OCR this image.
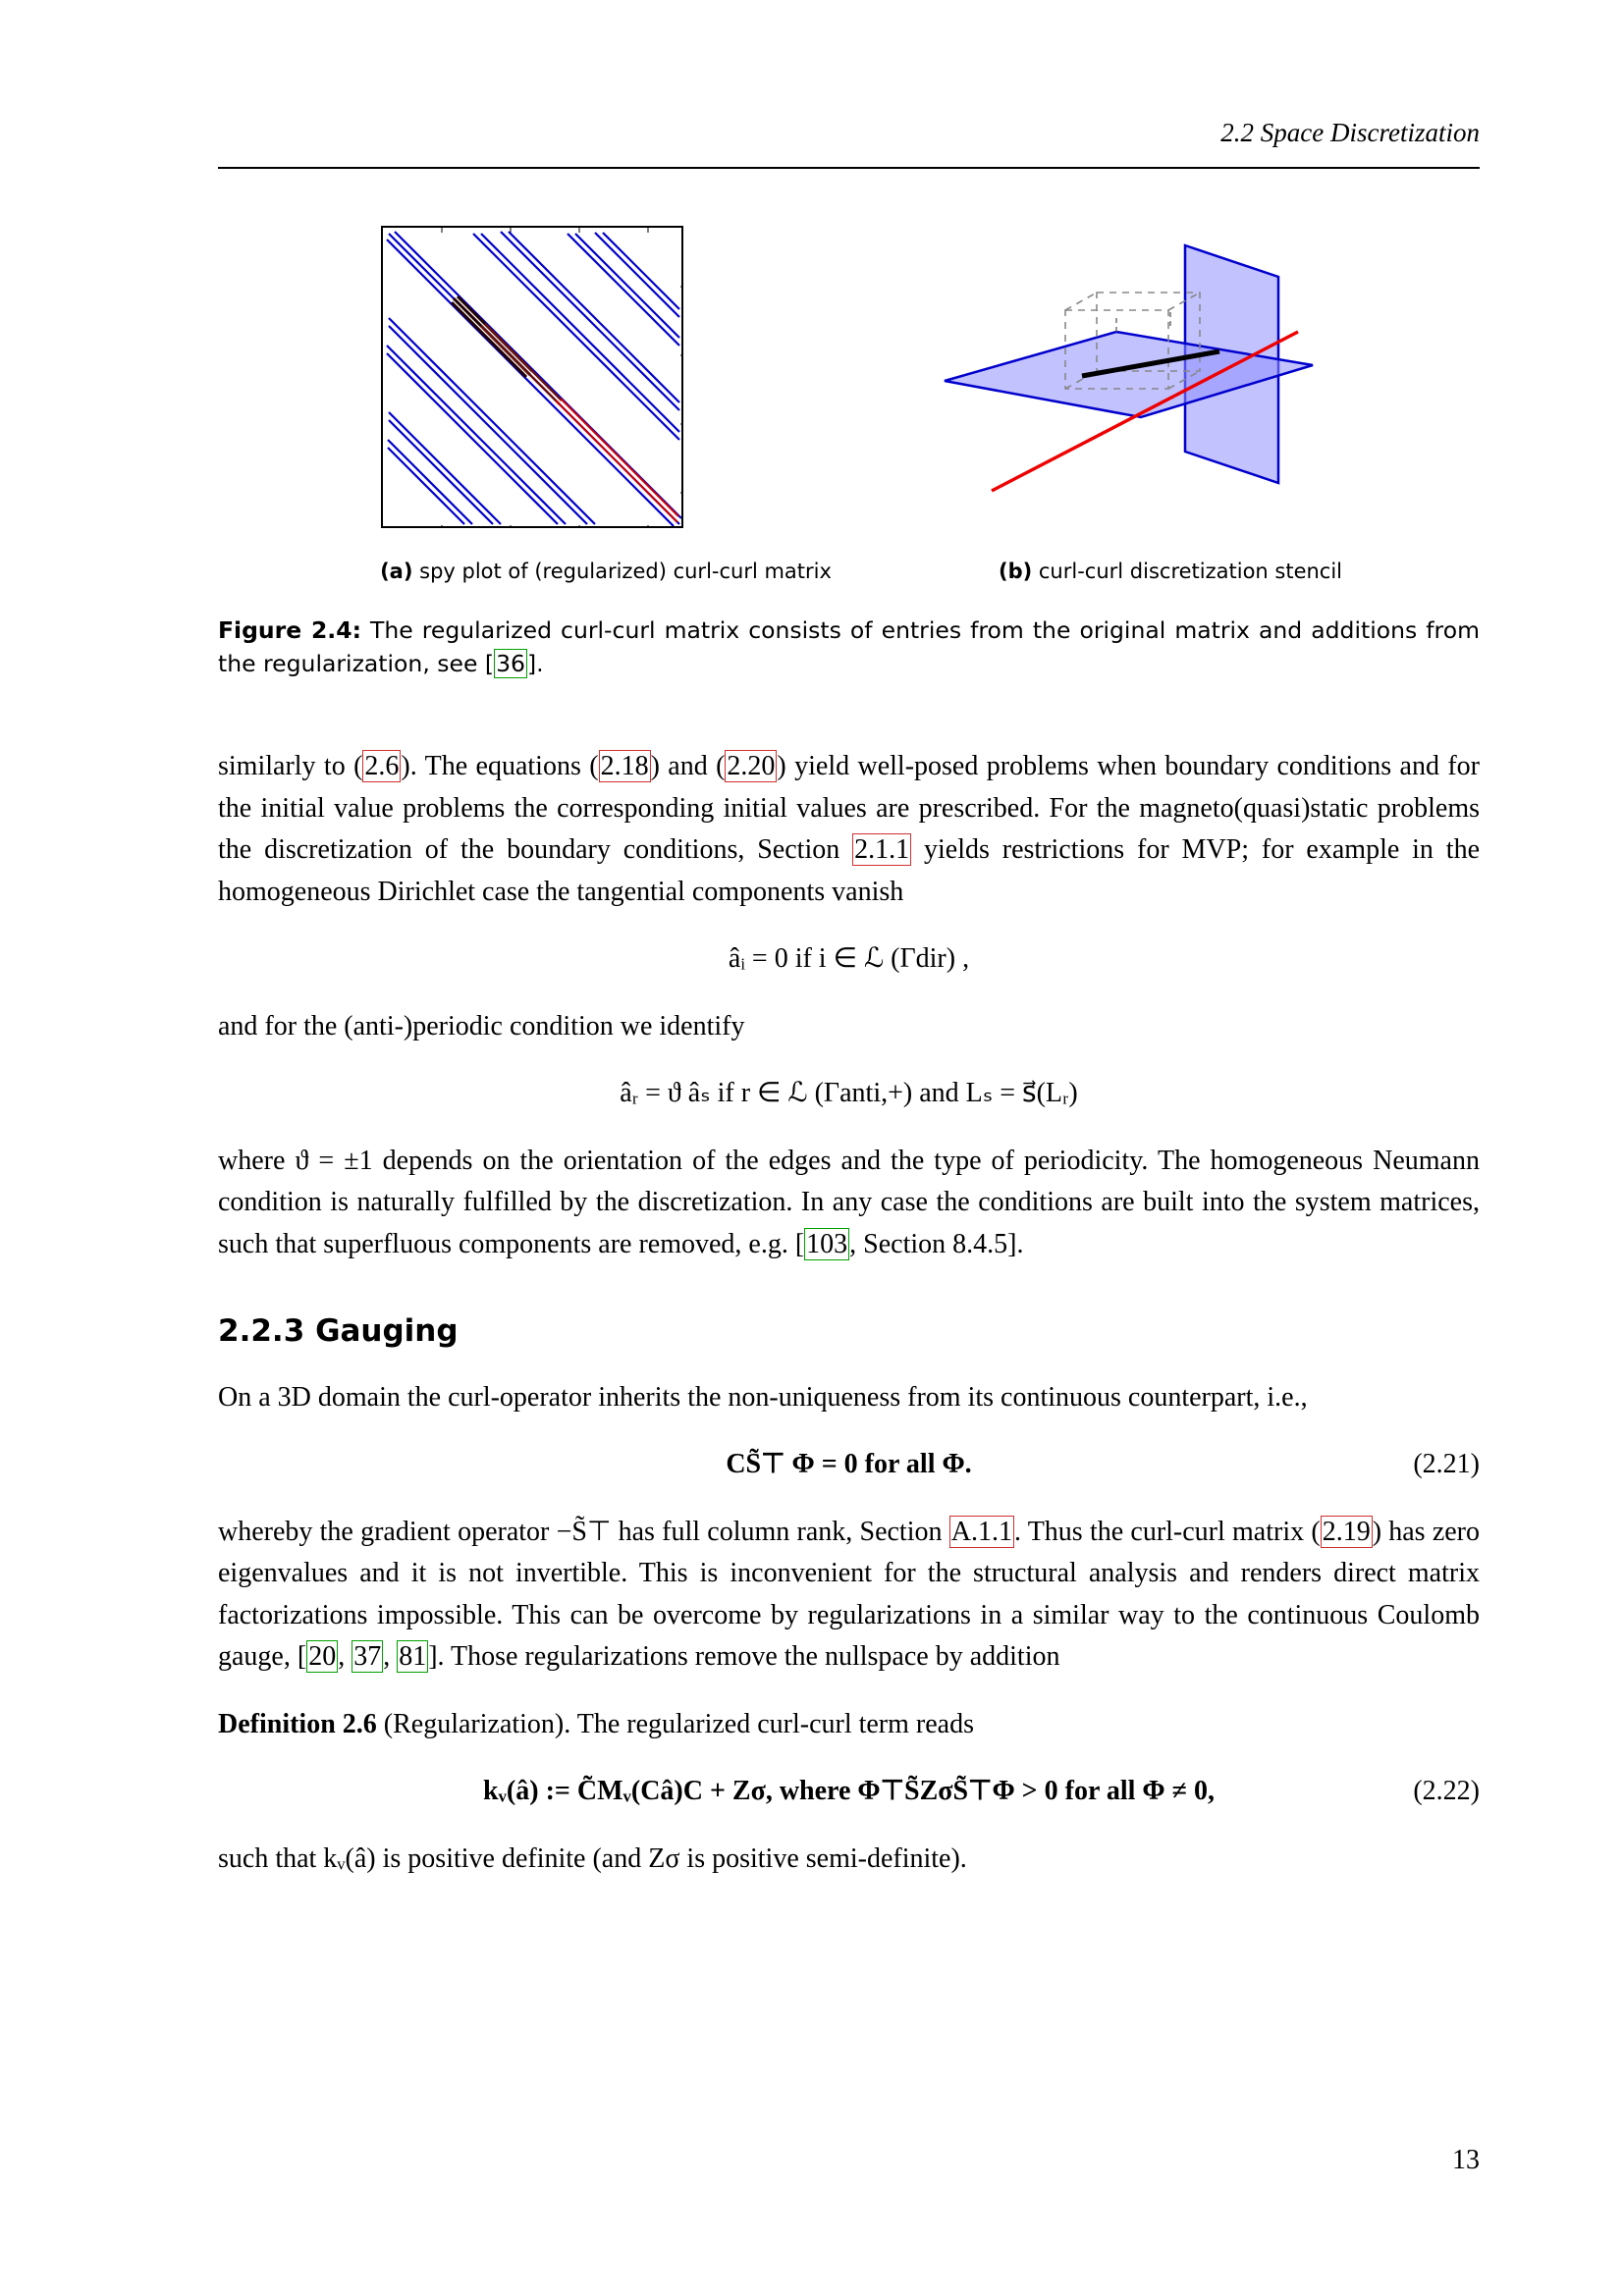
2.2 Space Discretization
(a) spy plot of (regularized) curl-curl matrix	(b) curl-curl discretization stencil
Figure 2.4: The regularized curl-curl matrix consists of entries from the original matrix and additions from the regularization, see [36].

similarly to (2.6). The equations (2.18) and (2.20) yield well-posed problems when boundary conditions and for the initial value problems the corresponding initial values are prescribed. For the magneto(quasi)static problems the discretization of the boundary conditions, Section 2.1.1 yields restrictions for MVP; for example in the homogeneous Dirichlet case the tangential components vanish

âᵢ = 0 if i ∈ ℒ (Γdir) ,

and for the (anti-)periodic condition we identify

âᵣ = ϑ âₛ if r ∈ ℒ (Γanti,+) and Lₛ = s⃗(Lᵣ)

where ϑ = ±1 depends on the orientation of the edges and the type of periodicity. The homogeneous Neumann condition is naturally fulfilled by the discretization. In any case the conditions are built into the system matrices, such that superfluous components are removed, e.g. [103, Section 8.4.5].

2.2.3 Gauging

On a 3D domain the curl-operator inherits the non-uniqueness from its continuous counterpart, i.e.,

CS̃⊤ Φ = 0 for all Φ.	(2.21)

whereby the gradient operator −S̃⊤ has full column rank, Section A.1.1. Thus the curl-curl matrix (2.19) has zero eigenvalues and it is not invertible. This is inconvenient for the structural analysis and renders direct matrix factorizations impossible. This can be overcome by regularizations in a similar way to the continuous Coulomb gauge, [20, 37, 81]. Those regularizations remove the nullspace by addition

Definition 2.6 (Regularization). The regularized curl-curl term reads

kᵥ(â) := C̃Mᵥ(Câ)C + Zσ, where Φ⊤S̃ZσS̃⊤Φ > 0 for all Φ ≠ 0,	(2.22)

such that kᵥ(â) is positive definite (and Zσ is positive semi-definite).

13
